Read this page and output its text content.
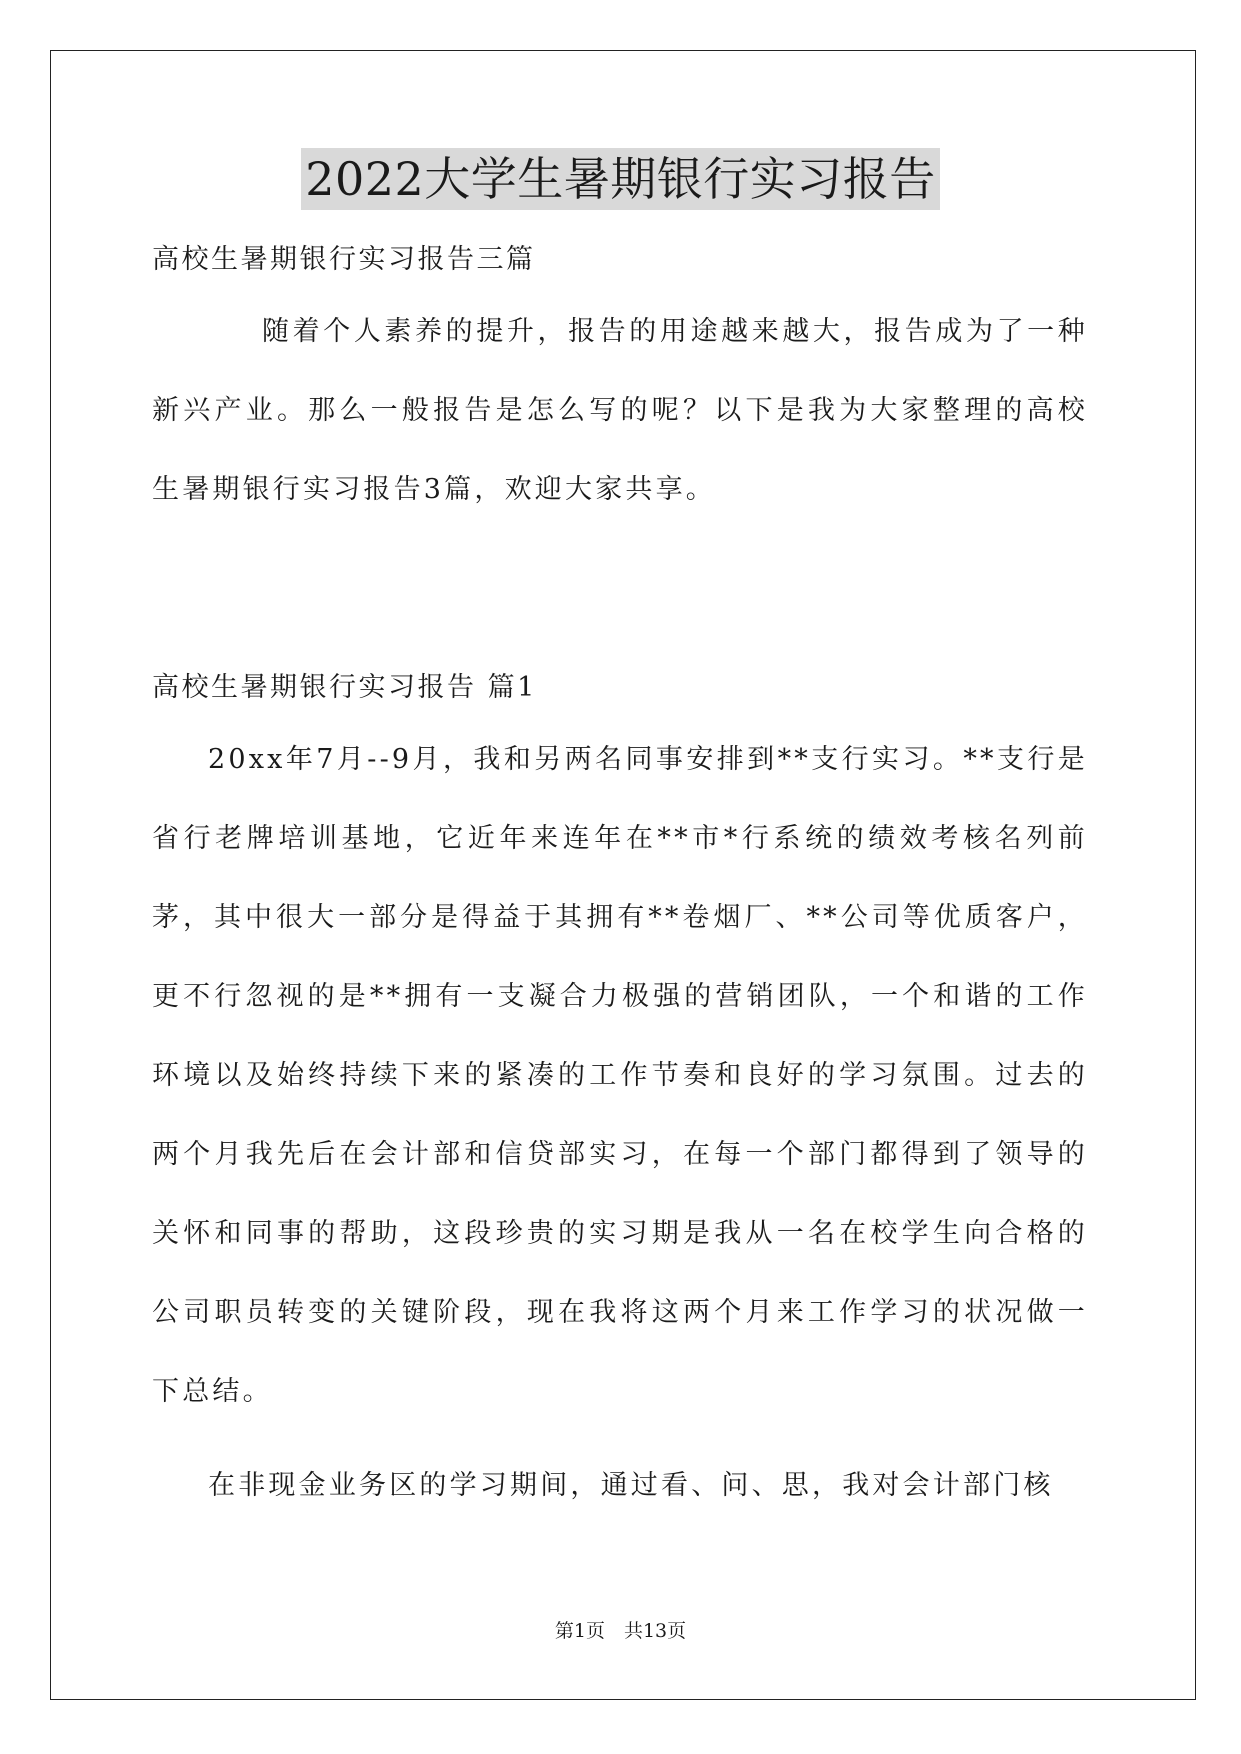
2022大学生暑期银行实习报告
高校生暑期银行实习报告三篇

随着个人素养的提升，报告的用途越来越大，报告成为了一种新兴产业。那么一般报告是怎么写的呢？以下是我为大家整理的高校生暑期银行实习报告3篇，欢迎大家共享。

高校生暑期银行实习报告 篇1

20xx年7月--9月，我和另两名同事安排到**支行实习。**支行是省行老牌培训基地，它近年来连年在**市*行系统的绩效考核名列前茅，其中很大一部分是得益于其拥有**卷烟厂、**公司等优质客户，更不行忽视的是**拥有一支凝合力极强的营销团队，一个和谐的工作环境以及始终持续下来的紧凑的工作节奏和良好的学习氛围。过去的两个月我先后在会计部和信贷部实习，在每一个部门都得到了领导的关怀和同事的帮助，这段珍贵的实习期是我从一名在校学生向合格的公司职员转变的关键阶段，现在我将这两个月来工作学习的状况做一下总结。

在非现金业务区的学习期间，通过看、问、思，我对会计部门核

第1页　共13页
